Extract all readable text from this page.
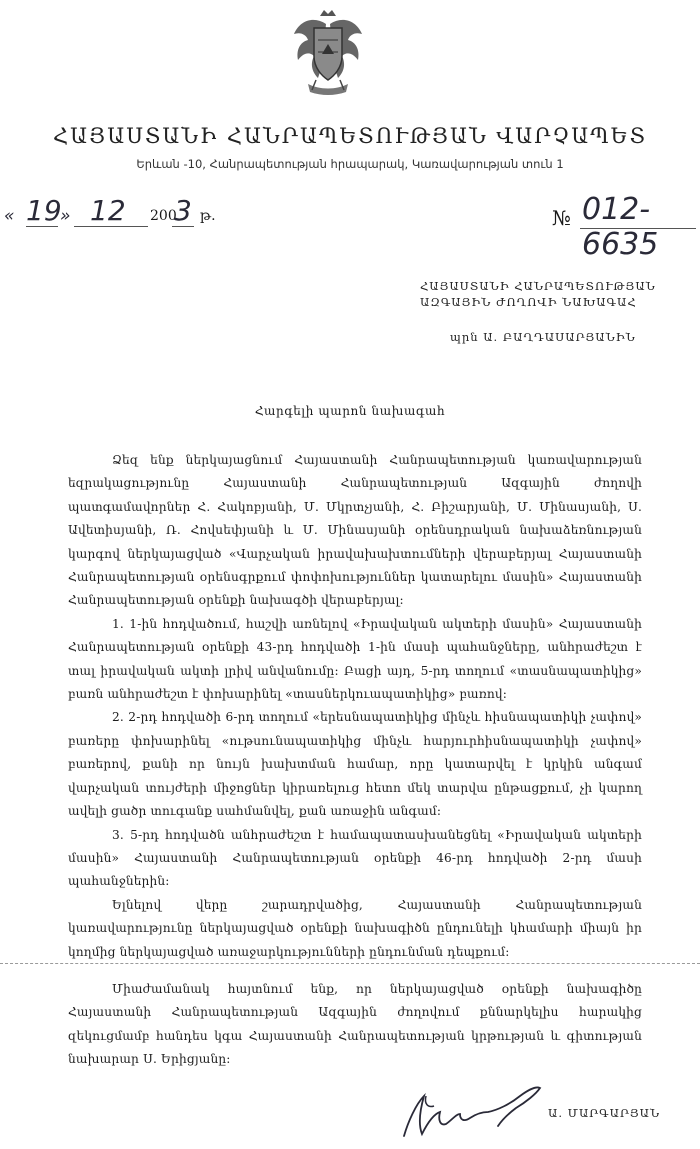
ՀԱՅԱՍՏԱՆԻ ՀԱՆՐԱՊԵՏՈՒԹՅԱՆ ՎԱՐՉԱՊԵՏ
Երևան -10, Հանրապետության հրապարակ, Կառավարության տուն 1
« 19
» 12 200
3 թ.	№ 012-6635
ՀԱՅԱՍՏԱՆԻ ՀԱՆՐԱՊԵՏՈՒԹՅԱՆ
ԱԶԳԱՅԻՆ ԺՈՂՈՎԻ ՆԱԽԱԳԱՀ
պրն Ա. ԲԱՂԴԱՍԱՐՅԱՆԻՆ
Հարգելի պարոն նախագահ

Ձեզ ենք ներկայացնում Հայաստանի Հանրապետության կառավարության եզրակացությունը Հայաստանի Հանրապետության Ազգային ժողովի պատգամավորներ Հ. Հակոբյանի, Մ. Մկրտչյանի, Հ. Բիշարյանի, Մ. Մինասյանի, Ս. Ավետիսյանի, Ռ. Հովսեփյանի և Մ. Մինասյանի օրենսդրական նախաձեռնության կարգով ներկայացված «Վարչական իրավախախտումների վերաբերյալ Հայաստանի Հանրապետության օրենսգրքում փոփոխություններ կատարելու մասին» Հայաստանի Հանրապետության օրենքի նախագծի վերաբերյալ:

1. 1-ին հոդվածում, հաշվի առնելով «Իրավական ակտերի մասին» Հայաստանի Հանրապետության օրենքի 43-րդ հոդվածի 1-ին մասի պահանջները, անհրաժեշտ է տալ իրավական ակտի լրիվ անվանումը: Բացի այդ, 5-րդ տողում «տասնապատիկից» բառն անհրաժեշտ է փոխարինել «տասներկուապատիկից» բառով:

2. 2-րդ հոդվածի 6-րդ տողում «երեսնապատիկից մինչև հիսնապատիկի չափով» բառերը փոխարինել «ութսունապատիկից մինչև հարյուրհիսնապատիկի չափով» բառերով, քանի որ նույն խախտման համար, որը կատարվել է կրկին անգամ վարչական տույժերի միջոցներ կիրառելուց հետո մեկ տարվա ընթացքում, չի կարող ավելի ցածր տուգանք սահմանվել, քան առաջին անգամ:

3. 5-րդ հոդվածն անհրաժեշտ է համապատասխանեցնել «Իրավական ակտերի մասին» Հայաստանի Հանրապետության օրենքի 46-րդ հոդվածի 2-րդ մասի պահանջներին:

Ելնելով վերը շարադրվածից, Հայաստանի Հանրապետության կառավարությունը ներկայացված օրենքի նախագիծն ընդունելի կհամարի միայն իր կողմից ներկայացված առաջարկությունների ընդունման դեպքում:

Միաժամանակ հայտնում ենք, որ ներկայացված օրենքի նախագիծը Հայաստանի Հանրապետության Ազգային ժողովում քննարկելիս հարակից զեկուցմամբ հանդես կգա Հայաստանի Հանրապետության կրթության և գիտության նախարար Ս. Երիցյանը:

Ա. ՄԱՐԳԱՐՅԱՆ
